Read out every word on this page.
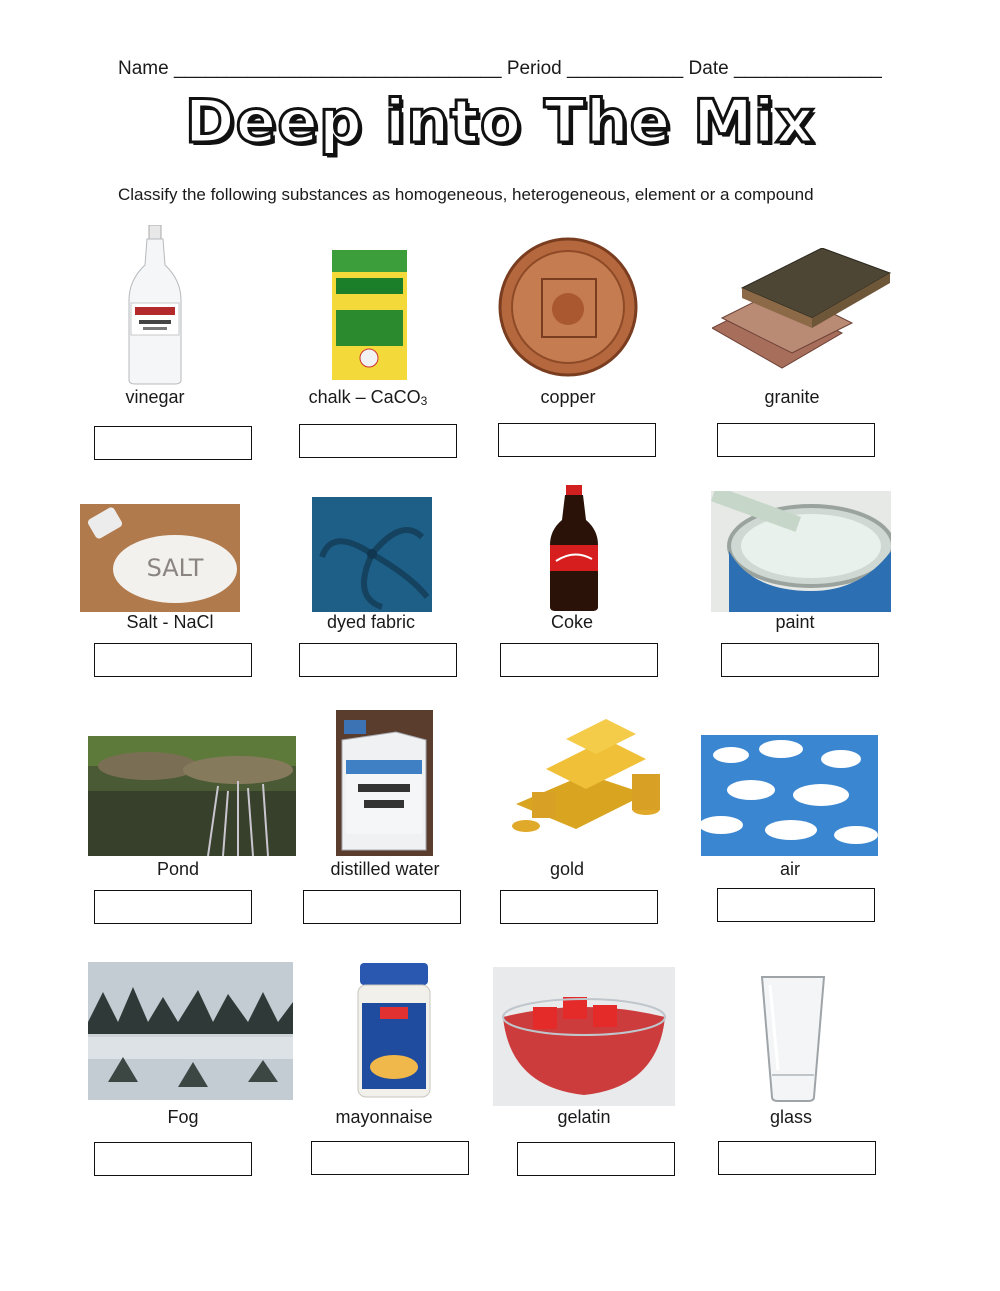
Name _______________________________ Period ___________ Date ______________
Deep into The Mix
Classify the following substances as homogeneous, heterogeneous, element or a compound
vinegar	chalk – CaCO3	copper	granite
SALT
Salt - NaCl	dyed fabric	Coke	paint
Pond	distilled water	gold	air
Fog	mayonnaise	gelatin	glass
